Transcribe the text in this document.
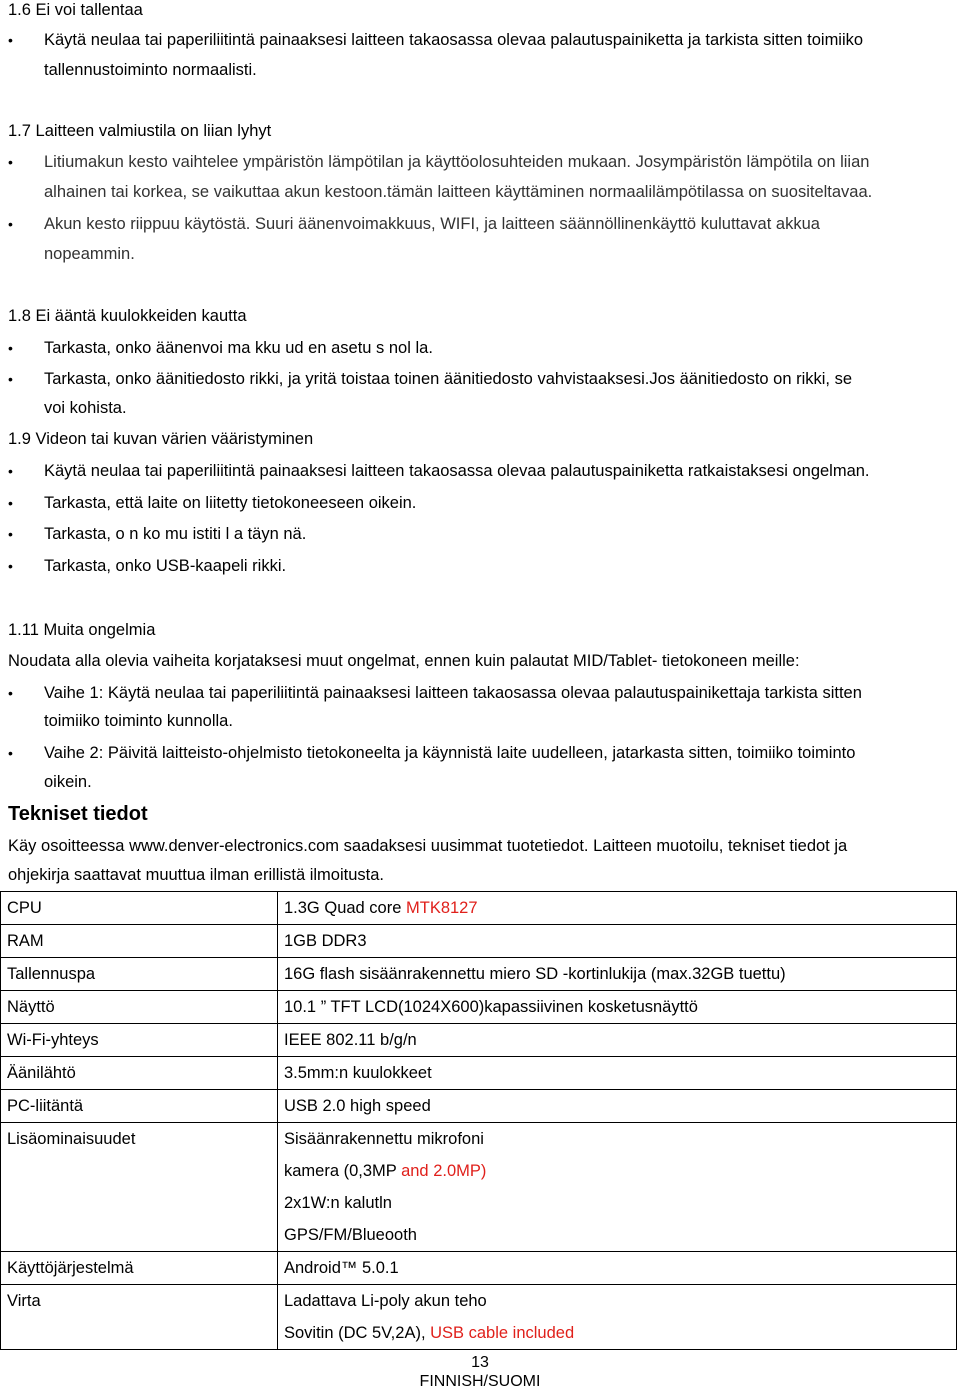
1.6 Ei voi tallentaa
• Käytä neulaa tai paperiliitintä painaaksesi laitteen takaosassa olevaa palautuspainiketta ja tarkista sitten toimiiko
tallennustoiminto normaalisti.
1.7 Laitteen valmiustila on liian lyhyt
• Litiumakun kesto vaihtelee ympäristön lämpötilan ja käyttöolosuhteiden mukaan. Josympäristön lämpötila on liian
alhainen tai korkea, se vaikuttaa akun kestoon.tämän laitteen käyttäminen normaalilämpötilassa on suositeltavaa.
• Akun kesto riippuu käytöstä. Suuri äänenvoimakkuus, WIFI, ja laitteen säännöllinenkäyttö kuluttavat akkua
nopeammin.
1.8 Ei ääntä kuulokkeiden kautta
• Tarkasta, onko äänenvoi ma kku ud en asetu s nol la.
• Tarkasta, onko äänitiedosto rikki, ja yritä toistaa toinen äänitiedosto vahvistaaksesi.Jos äänitiedosto on rikki, se
voi kohista.
1.9 Videon tai kuvan värien vääristyminen
• Käytä neulaa tai paperiliitintä painaaksesi laitteen takaosassa olevaa palautuspainiketta ratkaistaksesi ongelman.
• Tarkasta, että laite on liitetty tietokoneeseen oikein.
• Tarkasta, o n ko mu istiti l a täyn nä.
• Tarkasta, onko USB-kaapeli rikki.
1.11 Muita ongelmia
Noudata alla olevia vaiheita korjataksesi muut ongelmat, ennen kuin palautat MID/Tablet- tietokoneen meille:
• Vaihe 1: Käytä neulaa tai paperiliitintä painaaksesi laitteen takaosassa olevaa palautuspainikettaja tarkista sitten
toimiiko toiminto kunnolla.
• Vaihe 2: Päivitä laitteisto-ohjelmisto tietokoneelta ja käynnistä laite uudelleen, jatarkasta sitten, toimiiko toiminto
oikein.
Tekniset tiedot
Käy osoitteessa www.denver-electronics.com saadaksesi uusimmat tuotetiedot. Laitteen muotoilu, tekniset tiedot ja
ohjekirja saattavat muuttua ilman erillistä ilmoitusta.
CPU	1.3G Quad core MTK8127
RAM	1GB DDR3
Tallennuspa	16G flash sisäänrakennettu miero SD -kortinlukija (max.32GB tuettu)
Näyttö	10.1 ” TFT LCD(1024X600)kapassiivinen kosketusnäyttö
Wi-Fi-yhteys	IEEE 802.11 b/g/n
Äänilähtö	3.5mm:n kuulokkeet
PC-liitäntä	USB 2.0 high speed
Lisäominaisuudet	Sisäänrakennettu mikrofoni
kamera (0,3MP and 2.0MP)
2x1W:n kalutln
GPS/FM/Blueooth

Käyttöjärjestelmä	Android™ 5.0.1
Virta	Ladattava Li-poly akun teho
Sovitin (DC 5V,2A), USB cable included
13
FINNISH/SUOMI
